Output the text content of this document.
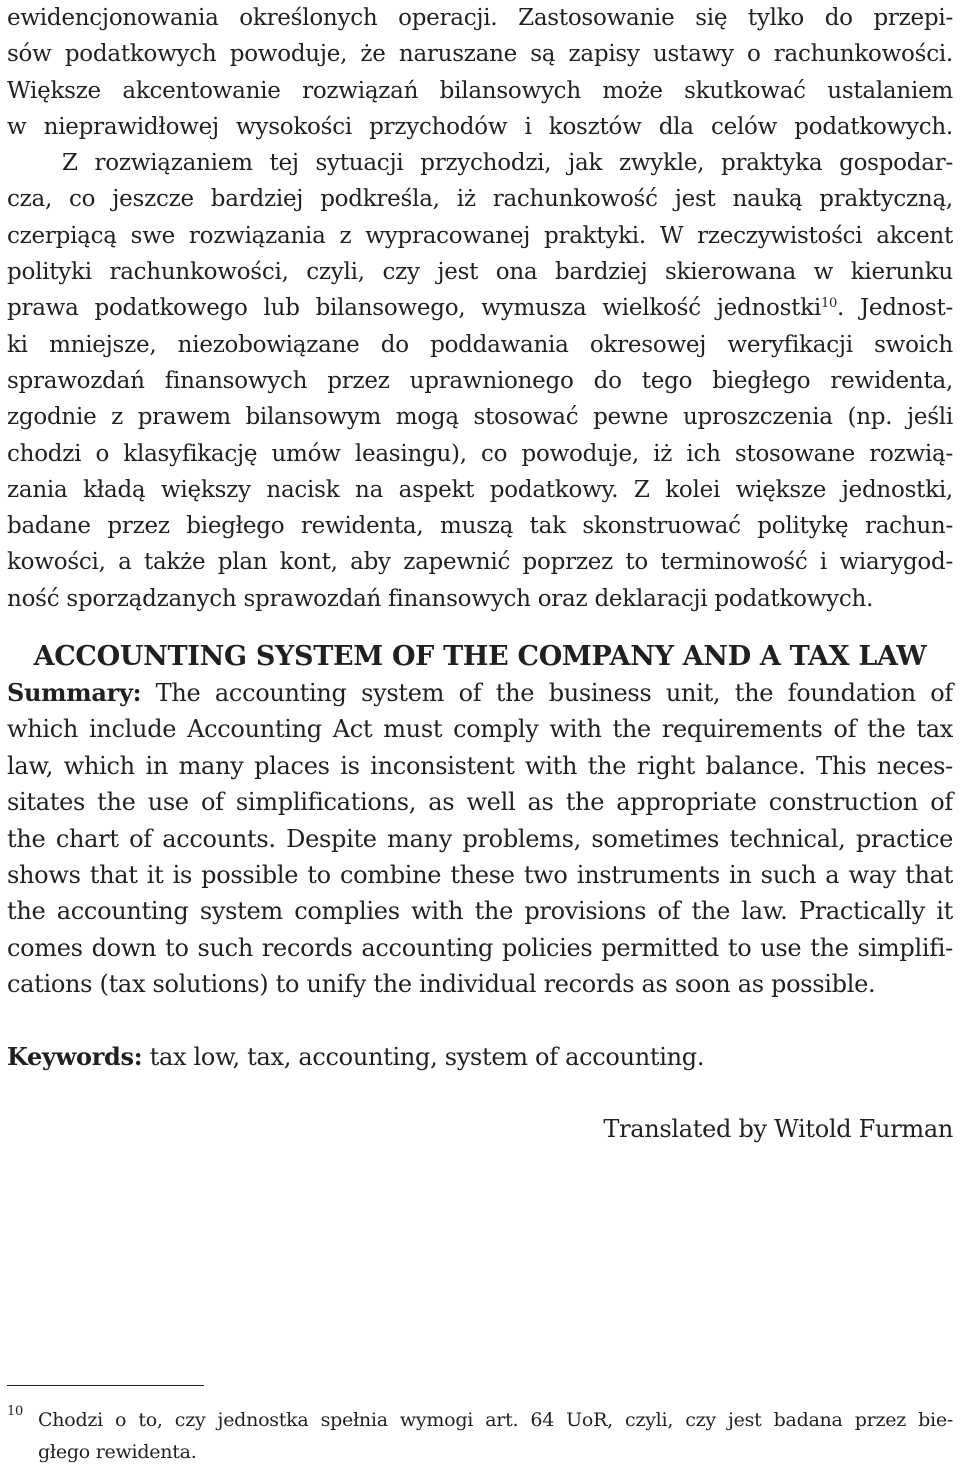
ewidencjonowania określonych operacji. Zastosowanie się tylko do przepi-
sów podatkowych powoduje, że naruszane są zapisy ustawy o rachunkowości.
Większe akcentowanie rozwiązań bilansowych może skutkować ustalaniem
w nieprawidłowej wysokości przychodów i kosztów dla celów podatkowych.
Z rozwiązaniem tej sytuacji przychodzi, jak zwykle, praktyka gospodar-
cza, co jeszcze bardziej podkreśla, iż rachunkowość jest nauką praktyczną,
czerpiącą swe rozwiązania z wypracowanej praktyki. W rzeczywistości akcent
polityki rachunkowości, czyli, czy jest ona bardziej skierowana w kierunku
prawa podatkowego lub bilansowego, wymusza wielkość jednostki$^{10}$. Jednost-
ki mniejsze, niezobowiązane do poddawania okresowej weryfikacji swoich
sprawozdań finansowych przez uprawnionego do tego biegłego rewidenta,
zgodnie z prawem bilansowym mogą stosować pewne uproszczenia (np. jeśli
chodzi o klasyfikację umów leasingu), co powoduje, iż ich stosowane rozwią-
zania kładą większy nacisk na aspekt podatkowy. Z kolei większe jednostki,
badane przez biegłego rewidenta, muszą tak skonstruować politykę rachun-
kowości, a także plan kont, aby zapewnić poprzez to terminowość i wiarygod-
ność sporządzanych sprawozdań finansowych oraz deklaracji podatkowych.
ACCOUNTING SYSTEM OF THE COMPANY AND A TAX LAW
Summary: The accounting system of the business unit, the foundation of
which include Accounting Act must comply with the requirements of the tax
law, which in many places is inconsistent with the right balance. This neces-
sitates the use of simplifications, as well as the appropriate construction of
the chart of accounts. Despite many problems, sometimes technical, practice
shows that it is possible to combine these two instruments in such a way that
the accounting system complies with the provisions of the law. Practically it
comes down to such records accounting policies permitted to use the simplifi-
cations (tax solutions) to unify the individual records as soon as possible.
Keywords: tax low, tax, accounting, system of accounting.
Translated by Witold Furman
10 Chodzi o to, czy jednostka spełnia wymogi art. 64 UoR, czyli, czy jest badana przez bie-
głego rewidenta.
